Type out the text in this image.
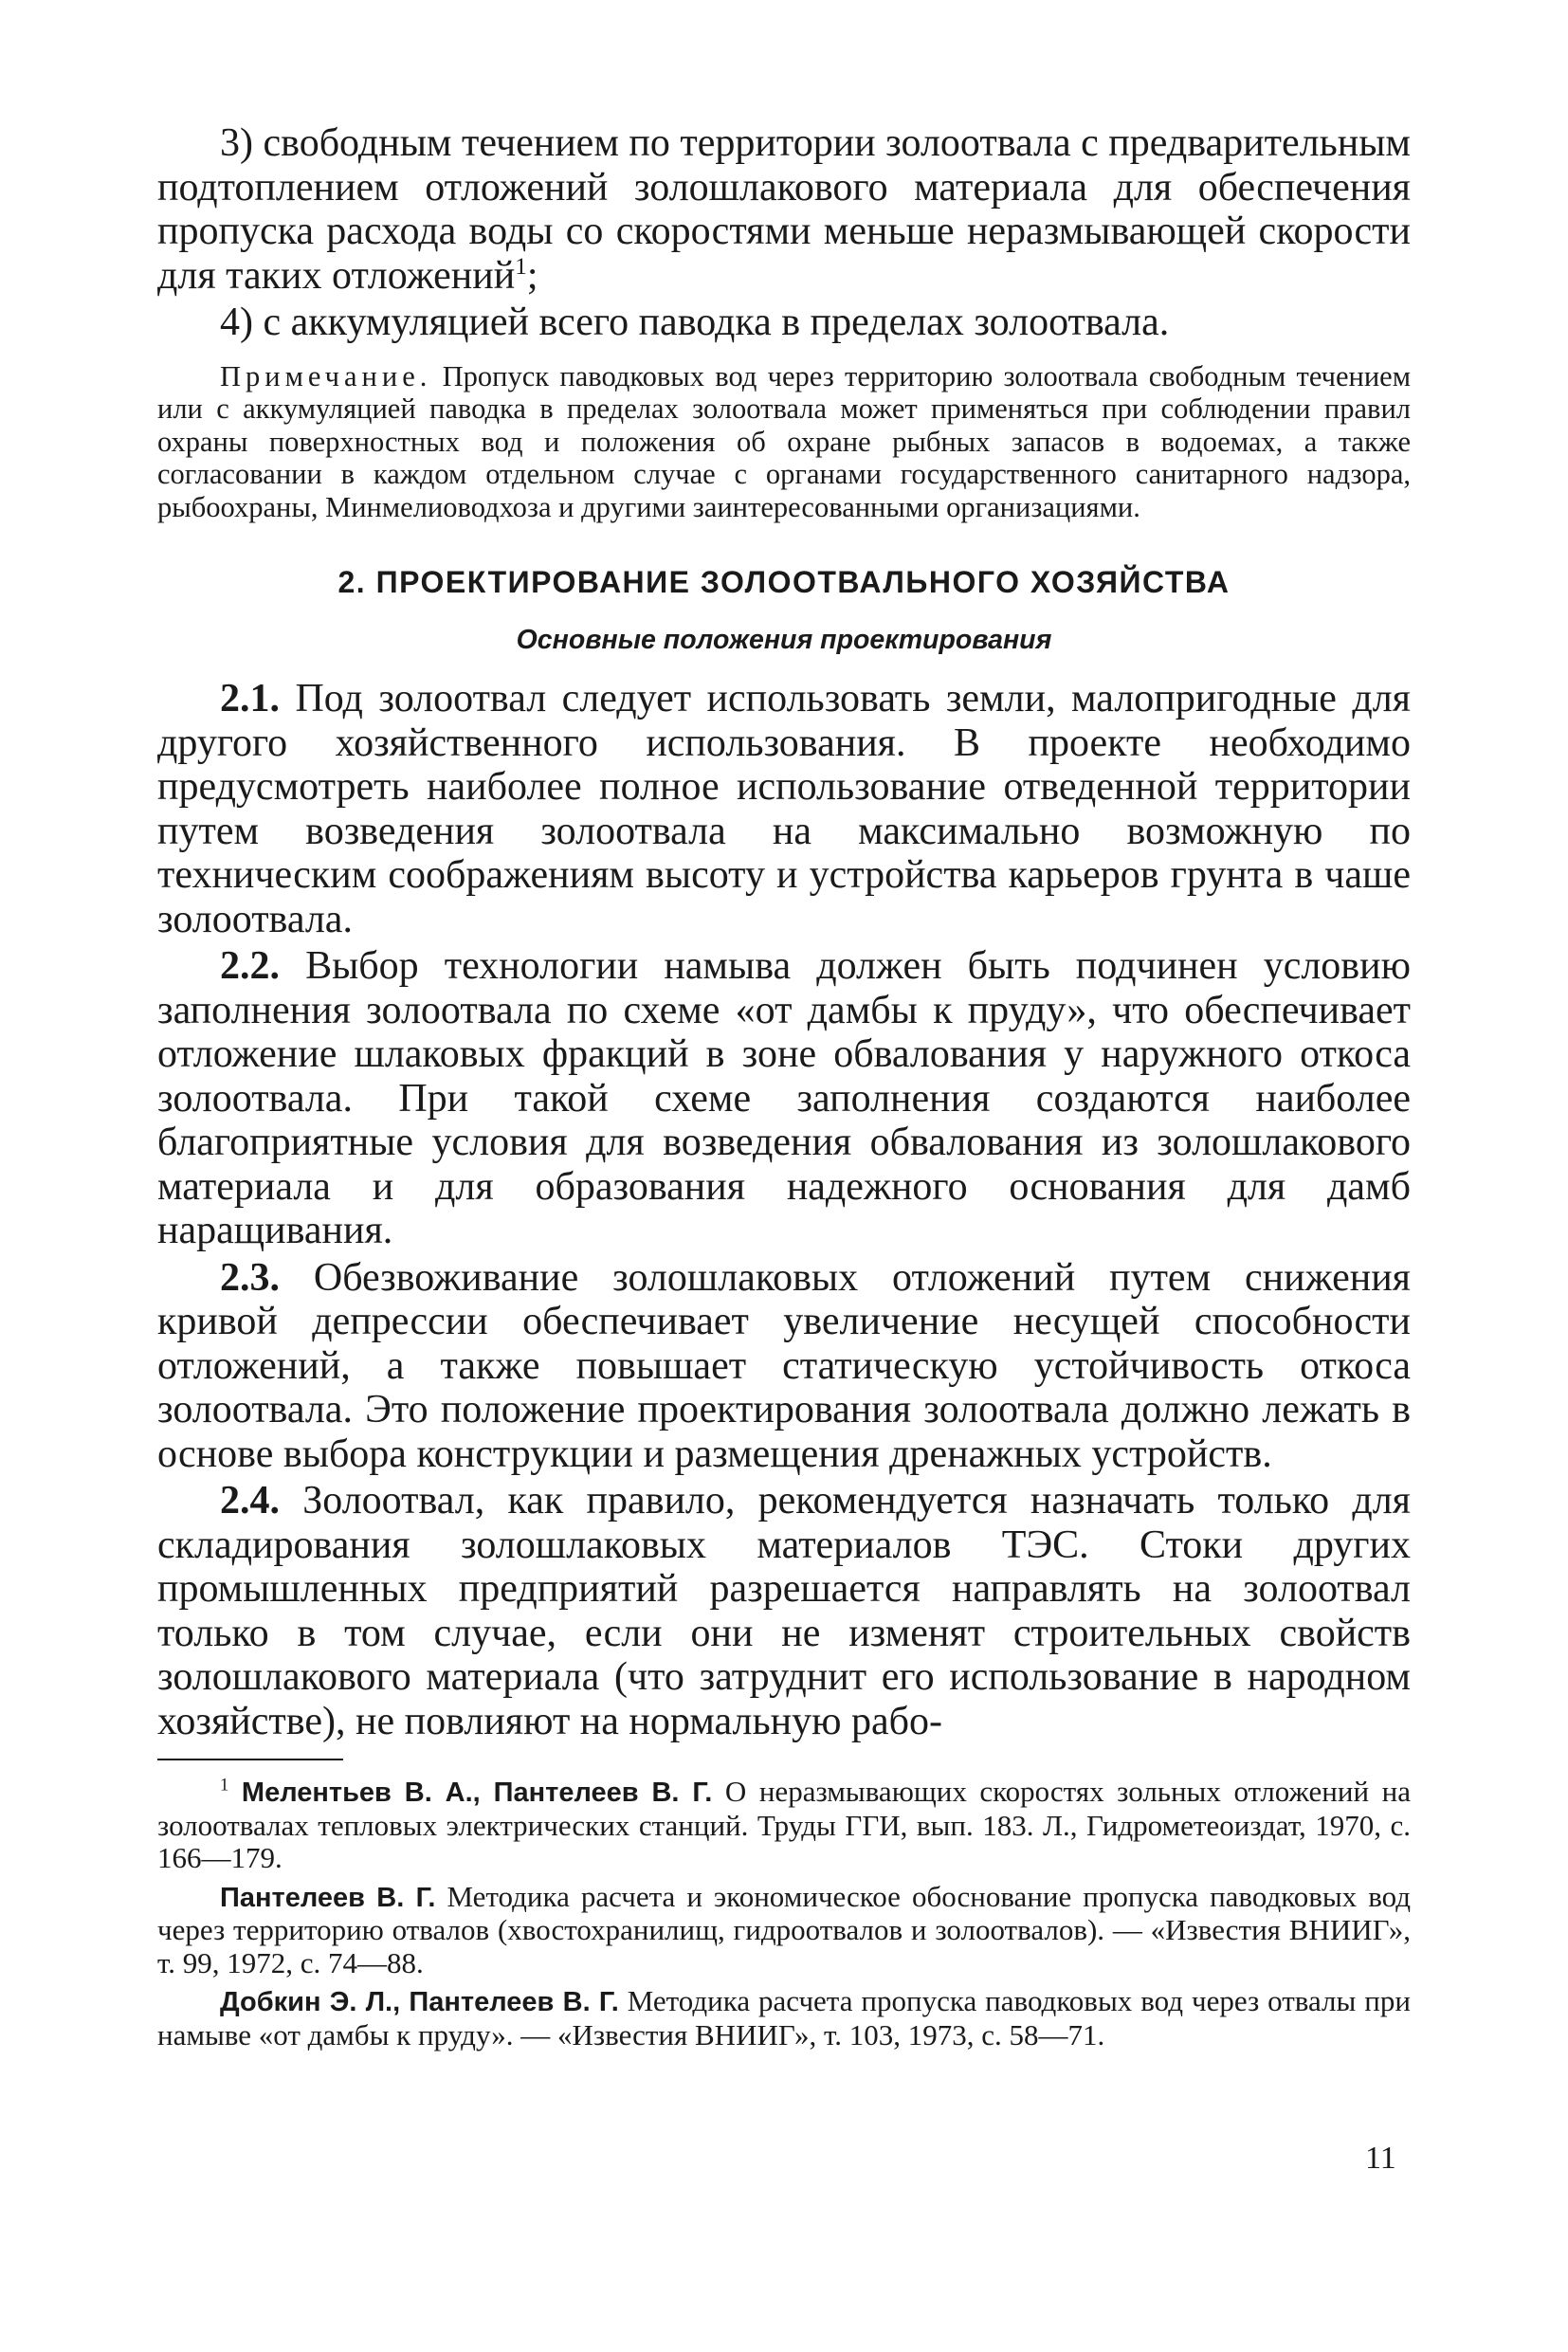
3) свободным течением по территории золоотвала с предварительным подтоплением отложений золошлакового материала для обеспечения пропуска расхода воды со скоростями меньше неразмывающей скорости для таких отложений$^1$;

4) с аккумуляцией всего паводка в пределах золоотвала.

Примечание. Пропуск паводковых вод через территорию золоотвала свободным течением или с аккумуляцией паводка в пределах золоотвала может применяться при соблюдении правил охраны поверхностных вод и положения об охране рыбных запасов в водоемах, а также согласовании в каждом отдельном случае с органами государственного санитарного надзора, рыбоохраны, Минмелиоводхоза и другими заинтересованными организациями.

2. ПРОЕКТИРОВАНИЕ ЗОЛООТВАЛЬНОГО ХОЗЯЙСТВА
Основные положения проектирования

2.1. Под золоотвал следует использовать земли, малопригодные для другого хозяйственного использования. В проекте необходимо предусмотреть наиболее полное использование отведенной территории путем возведения золоотвала на максимально возможную по техническим соображениям высоту и устройства карьеров грунта в чаше золоотвала.

2.2. Выбор технологии намыва должен быть подчинен условию заполнения золоотвала по схеме «от дамбы к пруду», что обеспечивает отложение шлаковых фракций в зоне обвалования у наружного откоса золоотвала. При такой схеме заполнения создаются наиболее благоприятные условия для возведения обвалования из золошлакового материала и для образования надежного основания для дамб наращивания.

2.3. Обезвоживание золошлаковых отложений путем снижения кривой депрессии обеспечивает увеличение несущей способности отложений, а также повышает статическую устойчивость откоса золоотвала. Это положение проектирования золоотвала должно лежать в основе выбора конструкции и размещения дренажных устройств.

2.4. Золоотвал, как правило, рекомендуется назначать только для складирования золошлаковых материалов ТЭС. Стоки других промышленных предприятий разрешается направлять на золоотвал только в том случае, если они не изменят строительных свойств золошлакового материала (что затруднит его использование в народном хозяйстве), не повлияют на нормальную рабо-

$^1$ Мелентьев В. А., Пантелеев В. Г. О неразмывающих скоростях зольных отложений на золоотвалах тепловых электрических станций. Труды ГГИ, вып. 183. Л., Гидрометеоиздат, 1970, с. 166—179.

Пантелеев В. Г. Методика расчета и экономическое обоснование пропуска паводковых вод через территорию отвалов (хвостохранилищ, гидроотвалов и золоотвалов). — «Известия ВНИИГ», т. 99, 1972, с. 74—88.

Добкин Э. Л., Пантелеев В. Г. Методика расчета пропуска паводковых вод через отвалы при намыве «от дамбы к пруду». — «Известия ВНИИГ», т. 103, 1973, с. 58—71.

11
